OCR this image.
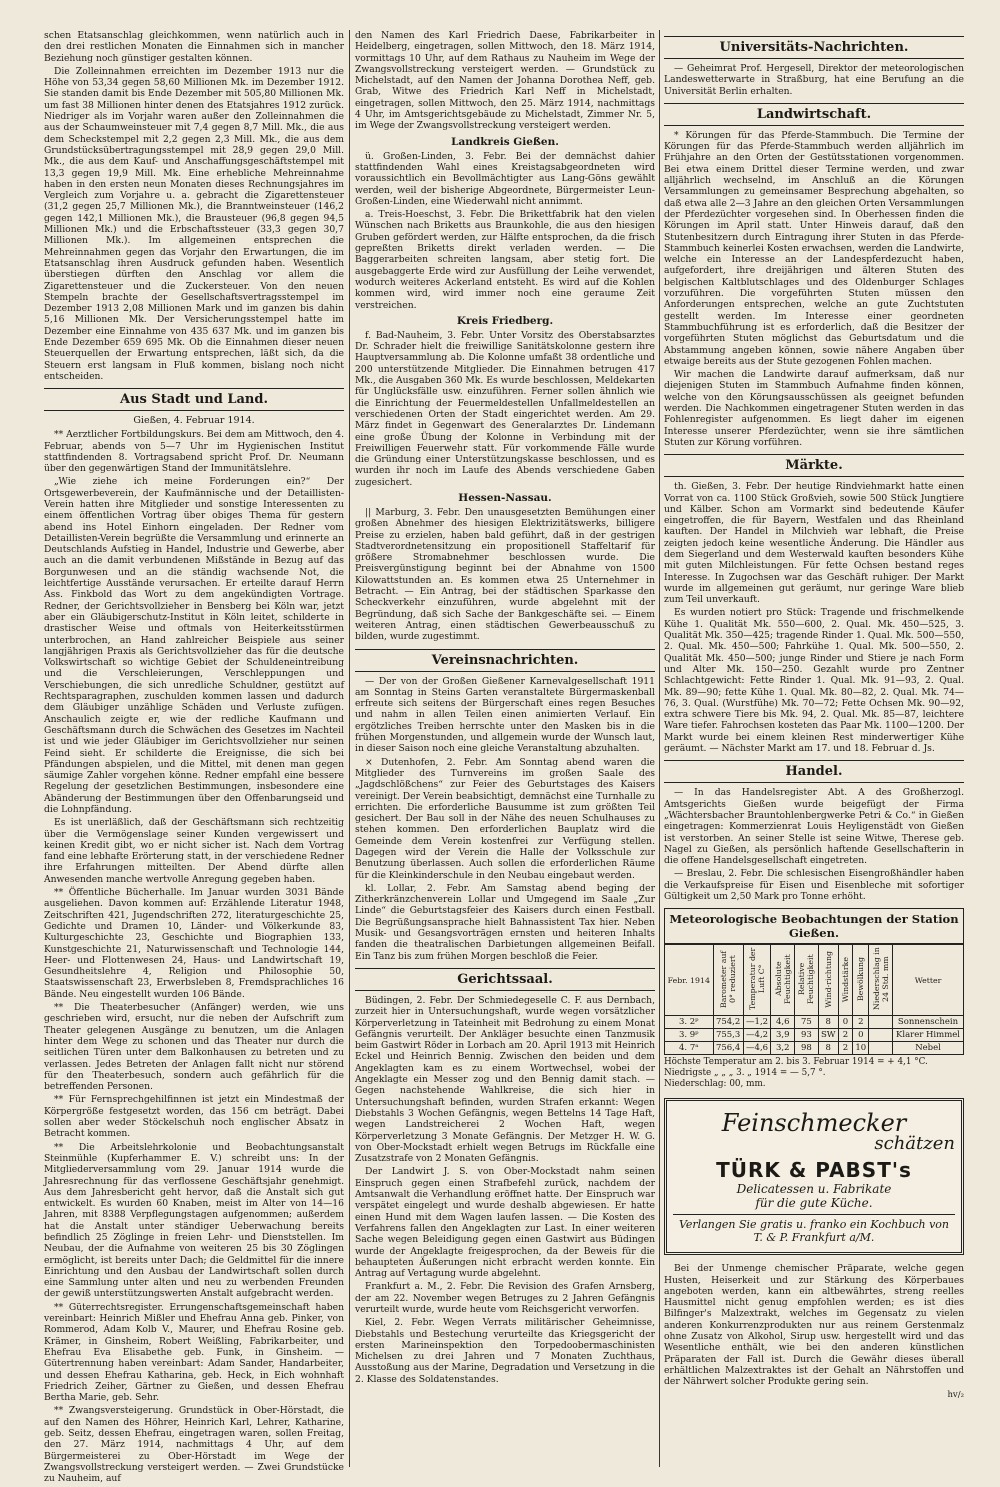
schen Etatsanschlag gleichkommen, wenn natürlich auch in den drei restlichen Monaten die Einnahmen sich in mancher Beziehung noch günstiger gestalten können.

Die Zolleinnahmen erreichten im Dezember 1913 nur die Höhe von 53,34 gegen 58,60 Millionen Mk. im Dezember 1912. Sie standen damit bis Ende Dezember mit 505,80 Millionen Mk. um fast 38 Millionen hinter denen des Etatsjahres 1912 zurück. Niedriger als im Vorjahr waren außer den Zolleinnahmen die aus der Schaumweinsteuer mit 7,4 gegen 8,7 Mill. Mk., die aus dem Scheckstempel mit 2,2 gegen 2,3 Mill. Mk., die aus dem Grundstücksübertragungsstempel mit 28,9 gegen 29,0 Mill. Mk., die aus dem Kauf- und Anschaffungsgeschäftstempel mit 13,3 gegen 19,9 Mill. Mk. Eine erhebliche Mehreinnahme haben in den ersten neun Monaten dieses Rechnungsjahres im Vergleich zum Vorjahre u. a. gebracht die Zigarettensteuer (31,2 gegen 25,7 Millionen Mk.), die Branntweinsteuer (146,2 gegen 142,1 Millionen Mk.), die Brausteuer (96,8 gegen 94,5 Millionen Mk.) und die Erbschaftssteuer (33,3 gegen 30,7 Millionen Mk.). Im allgemeinen entsprechen die Mehreinnahmen gegen das Vorjahr den Erwartungen, die im Etatsanschlag ihren Ausdruck gefunden haben. Wesentlich überstiegen dürften den Anschlag vor allem die Zigarettensteuer und die Zuckersteuer. Von den neuen Stempeln brachte der Gesellschaftsvertragsstempel im Dezember 1913 2,08 Millionen Mark und im ganzen bis dahin 5,16 Millionen Mk. Der Versicherungsstempel hatte im Dezember eine Einnahme von 435 637 Mk. und im ganzen bis Ende Dezember 659 695 Mk. Ob die Einnahmen dieser neuen Steuerquellen der Erwartung entsprechen, läßt sich, da die Steuern erst langsam in Fluß kommen, bislang noch nicht entscheiden.

Aus Stadt und Land.
Gießen, 4. Februar 1914.

** Aerztlicher Fortbildungskurs. Bei dem am Mittwoch, den 4. Februar, abends von 5—7 Uhr im Hygienischen Institut stattfindenden 8. Vortragsabend spricht Prof. Dr. Neumann über den gegenwärtigen Stand der Immunitätslehre.

„Wie ziehe ich meine Forderungen ein?“ Der Ortsgewerbeverein, der Kaufmännische und der Detaillisten-Verein hatten ihre Mitglieder und sonstige Interessenten zu einem öffentlichen Vortrag über obiges Thema für gestern abend ins Hotel Einhorn eingeladen. Der Redner vom Detaillisten-Verein begrüßte die Versammlung und erinnerte an Deutschlands Aufstieg in Handel, Industrie und Gewerbe, aber auch an die damit verbundenen Mißstände in Bezug auf das Borgunwesen und an die ständig wachsende Not, die leichtfertige Ausstände verursachen. Er erteilte darauf Herrn Ass. Finkbold das Wort zu dem angekündigten Vortrage. Redner, der Gerichtsvollzieher in Bensberg bei Köln war, jetzt aber ein Gläubigerschutz-Institut in Köln leitet, schilderte in drastischer Weise und oftmals von Heiterkeitsstürmen unterbrochen, an Hand zahlreicher Beispiele aus seiner langjährigen Praxis als Gerichtsvollzieher das für die deutsche Volkswirtschaft so wichtige Gebiet der Schuldeneintreibung und die Verschleierungen, Verschleppungen und Verschiebungen, die sich unredliche Schuldner, gestützt auf Rechtsparagraphen, zuschulden kommen lassen und dadurch dem Gläubiger unzählige Schäden und Verluste zufügen. Anschaulich zeigte er, wie der redliche Kaufmann und Geschäftsmann durch die Schwächen des Gesetzes im Nachteil ist und wie jeder Gläubiger im Gerichtsvollzieher nur seinen Feind sieht. Er schilderte die Ereignisse, die sich bei Pfändungen abspielen, und die Mittel, mit denen man gegen säumige Zahler vorgehen könne. Redner empfahl eine bessere Regelung der gesetzlichen Bestimmungen, insbesondere eine Abänderung der Bestimmungen über den Offenbarungseid und die Lohnpfändung.

Es ist unerläßlich, daß der Geschäftsmann sich rechtzeitig über die Vermögenslage seiner Kunden vergewissert und keinen Kredit gibt, wo er nicht sicher ist. Nach dem Vortrag fand eine lebhafte Erörterung statt, in der verschiedene Redner ihre Erfahrungen mitteilten. Der Abend dürfte allen Anwesenden manche wertvolle Anregung gegeben haben.

** Öffentliche Bücherhalle. Im Januar wurden 3031 Bände ausgeliehen. Davon kommen auf: Erzählende Literatur 1948, Zeitschriften 421, Jugendschriften 272, literaturgeschichte 25, Gedichte und Dramen 10, Länder- und Völkerkunde 83, Kulturgeschichte 23, Geschichte und Biographien 133, Kunstgeschichte 21, Naturwissenschaft und Technologie 144, Heer- und Flottenwesen 24, Haus- und Landwirtschaft 19, Gesundheitslehre 4, Religion und Philosophie 50, Staatswissenschaft 23, Erwerbsleben 8, Fremdsprachliches 16 Bände. Neu eingestellt wurden 106 Bände.

** Die Theaterbesucher (Anfänger) werden, wie uns geschrieben wird, ersucht, nur die neben der Aufschrift zum Theater gelegenen Ausgänge zu benutzen, um die Anlagen hinter dem Wege zu schonen und das Theater nur durch die seitlichen Türen unter dem Balkonhausen zu betreten und zu verlassen. Jedes Betreten der Anlagen fallt nicht nur störend für den Theaterbesuch, sondern auch gefährlich für die betreffenden Personen.

** Für Fernsprechgehilfinnen ist jetzt ein Mindestmaß der Körpergröße festgesetzt worden, das 156 cm beträgt. Dabei sollen aber weder Stöckelschuh noch englischer Absatz in Betracht kommen.

** Die Arbeitslehrkolonie und Beobachtungsanstalt Steinmühle (Kupferhammer E. V.) schreibt uns: In der Mitgliederversammlung vom 29. Januar 1914 wurde die Jahresrechnung für das verflossene Geschäftsjahr genehmigt. Aus dem Jahresbericht geht hervor, daß die Anstalt sich gut entwickelt. Es wurden 60 Knaben, meist im Alter von 14—16 Jahren, mit 8388 Verpflegungstagen aufgenommen; außerdem hat die Anstalt unter ständiger Ueberwachung bereits befindlich 25 Zöglinge in freien Lehr- und Dienststellen. Im Neubau, der die Aufnahme von weiteren 25 bis 30 Zöglingen ermöglicht, ist bereits unter Dach; die Geldmittel für die innere Einrichtung und den Ausbau der Landwirtschaft sollen durch eine Sammlung unter alten und neu zu werbenden Freunden der gewiß unterstützungswerten Anstalt aufgebracht werden.

** Güterrechtsregister. Errungenschaftsgemeinschaft haben vereinbart: Heinrich Mißler und Ehefrau Anna geb. Pinker, von Rommerod, Adam Kolb V., Maurer, und Ehefrau Rosine geb. Krämer, in Ginsheim, Robert Weißling, Fabrikarbeiter, und Ehefrau Eva Elisabethe geb. Funk, in Ginsheim. — Gütertrennung haben vereinbart: Adam Sander, Handarbeiter, und dessen Ehefrau Katharina, geb. Heck, in Eich wohnhaft Friedrich Zeiher, Gärtner zu Gießen, und dessen Ehefrau Bertha Marie, geb. Sehr.

** Zwangsversteigerung. Grundstück in Ober-Hörstadt, die auf den Namen des Höhrer, Heinrich Karl, Lehrer, Katharine, geb. Seitz, dessen Ehefrau, eingetragen waren, sollen Freitag, den 27. März 1914, nachmittags 4 Uhr, auf dem Bürgermeisterei zu Ober-Hörstadt im Wege der Zwangsvollstreckung versteigert werden. — Zwei Grundstücke zu Nauheim, auf

den Namen des Karl Friedrich Daese, Fabrikarbeiter in Heidelberg, eingetragen, sollen Mittwoch, den 18. März 1914, vormittags 10 Uhr, auf dem Rathaus zu Nauheim im Wege der Zwangsvollstreckung versteigert werden. — Grundstück zu Michelstadt, auf den Namen der Johanna Dorothea Neff, geb. Grab, Witwe des Friedrich Karl Neff in Michelstadt, eingetragen, sollen Mittwoch, den 25. März 1914, nachmittags 4 Uhr, im Amtsgerichtsgebäude zu Michelstadt, Zimmer Nr. 5, im Wege der Zwangsvollstreckung versteigert werden.

Landkreis Gießen.

ü. Großen-Linden, 3. Febr. Bei der demnächst dahier stattfindenden Wahl eines Kreistagsabgeordneten wird voraussichtlich ein Bevollmächtigter aus Lang-Göns gewählt werden, weil der bisherige Abgeordnete, Bürgermeister Leun-Großen-Linden, eine Wiederwahl nicht annimmt.

a. Treis-Hoeschst, 3. Febr. Die Brikettfabrik hat den vielen Wünschen nach Briketts aus Braunkohle, die aus den hiesigen Gruben gefördert werden, zur Hälfte entsprochen, da die frisch gepreßten Briketts direkt verladen werden. — Die Baggerarbeiten schreiten langsam, aber stetig fort. Die ausgebaggerte Erde wird zur Ausfüllung der Leihe verwendet, wodurch weiteres Ackerland entsteht. Es wird auf die Kohlen kommen wird, wird immer noch eine geraume Zeit verstreichen.

Kreis Friedberg.

f. Bad-Nauheim, 3. Febr. Unter Vorsitz des Oberstabsarztes Dr. Schrader hielt die freiwillige Sanitätskolonne gestern ihre Hauptversammlung ab. Die Kolonne umfaßt 38 ordentliche und 200 unterstützende Mitglieder. Die Einnahmen betrugen 417 Mk., die Ausgaben 360 Mk. Es wurde beschlossen, Meldekarten für Unglücksfälle usw. einzuführen. Ferner sollen ähnlich wie die Einrichtung der Feuermeldestellen Unfallmeldestellen an verschiedenen Orten der Stadt eingerichtet werden. Am 29. März findet in Gegenwart des Generalarztes Dr. Lindemann eine große Übung der Kolonne in Verbindung mit der Freiwilligen Feuerwehr statt. Für vorkommende Fälle wurde die Gründung einer Unterstützungskasse beschlossen, und es wurden ihr noch im Laufe des Abends verschiedene Gaben zugesichert.

Hessen-Nassau.

|| Marburg, 3. Febr. Den unausgesetzten Bemühungen einer großen Abnehmer des hiesigen Elektrizitätswerks, billigere Preise zu erzielen, haben bald geführt, daß in der gestrigen Stadtverordnetensitzung ein propositionell Staffeltarif für größere Stromabnehmer beschlossen wurde. Die Preisvergünstigung beginnt bei der Abnahme von 1500 Kilowattstunden an. Es kommen etwa 25 Unternehmer in Betracht. — Ein Antrag, bei der städtischen Sparkasse den Scheckverkehr einzuführen, wurde abgelehnt mit der Begründung, daß sich Sache der Bankgeschäfte sei. — Einem weiteren Antrag, einen städtischen Gewerbeausschuß zu bilden, wurde zugestimmt.

Vereinsnachrichten.

— Der von der Großen Gießener Karnevalgesellschaft 1911 am Sonntag in Steins Garten veranstaltete Bürgermaskenball erfreute sich seitens der Bürgerschaft eines regen Besuches und nahm in allen Teilen einen animierten Verlauf. Ein ergötzliches Treiben herrschte unter den Masken bis in die frühen Morgenstunden, und allgemein wurde der Wunsch laut, in dieser Saison noch eine gleiche Veranstaltung abzuhalten.

× Dutenhofen, 2. Febr. Am Sonntag abend waren die Mitglieder des Turnvereins im großen Saale des „Jagdschlößchens“ zur Feier des Geburtstages des Kaisers vereinigt. Der Verein beabsichtigt, demnächst eine Turnhalle zu errichten. Die erforderliche Bausumme ist zum größten Teil gesichert. Der Bau soll in der Nähe des neuen Schulhauses zu stehen kommen. Den erforderlichen Bauplatz wird die Gemeinde dem Verein kostenfrei zur Verfügung stellen. Dagegen wird der Verein die Halle der Volksschule zur Benutzung überlassen. Auch sollen die erforderlichen Räume für die Kleinkinderschule in den Neubau eingebaut werden.

kl. Lollar, 2. Febr. Am Samstag abend beging der Zitherkränzchenverein Lollar und Umgegend im Saale „Zur Linde“ die Geburtstagsfeier des Kaisers durch einen Festball. Die Begrüßungsansprache hielt Bahnassistent Tax hier. Neben Musik- und Gesangsvorträgen ernsten und heiteren Inhalts fanden die theatralischen Darbietungen allgemeinen Beifall. Ein Tanz bis zum frühen Morgen beschloß die Feier.

Gerichtssaal.

Büdingen, 2. Febr. Der Schmiedegeselle C. F. aus Dernbach, zurzeit hier in Untersuchungshaft, wurde wegen vorsätzlicher Körperverletzung in Tateinheit mit Bedrohung zu einem Monat Gefängnis verurteilt. Der Ankläger besuchte einen Tanzmusik beim Gastwirt Röder in Lorbach am 20. April 1913 mit Heinrich Eckel und Heinrich Bennig. Zwischen den beiden und dem Angeklagten kam es zu einem Wortwechsel, wobei der Angeklagte ein Messer zog und den Bennig damit stach. — Gegen nachstehende Wahlkreise, die sich hier in Untersuchungshaft befinden, wurden Strafen erkannt: Wegen Diebstahls 3 Wochen Gefängnis, wegen Bettelns 14 Tage Haft, wegen Landstreicherei 2 Wochen Haft, wegen Körperverletzung 3 Monate Gefängnis. Der Metzger H. W. G. von Ober-Mockstadt erhielt wegen Betrugs im Rückfalle eine Zusatzstrafe von 2 Monaten Gefängnis.

Der Landwirt J. S. von Ober-Mockstadt nahm seinen Einspruch gegen einen Strafbefehl zurück, nachdem der Amtsanwalt die Verhandlung eröffnet hatte. Der Einspruch war verspätet eingelegt und wurde deshalb abgewiesen. Er hatte einen Hund mit dem Wagen laufen lassen. — Die Kosten des Verfahrens fallen den Angeklagten zur Last. In einer weiteren Sache wegen Beleidigung gegen einen Gastwirt aus Büdingen wurde der Angeklagte freigesprochen, da der Beweis für die behaupteten Äußerungen nicht erbracht werden konnte. Ein Antrag auf Vertagung wurde abgelehnt.

Frankfurt a. M., 2. Febr. Die Revision des Grafen Arnsberg, der am 22. November wegen Betruges zu 2 Jahren Gefängnis verurteilt wurde, wurde heute vom Reichsgericht verworfen.

Kiel, 2. Febr. Wegen Verrats militärischer Geheimnisse, Diebstahls und Bestechung verurteilte das Kriegsgericht der ersten Marineinspektion den Torpedoobermaschinisten Michelsen zu drei Jahren und 7 Monaten Zuchthaus, Ausstoßung aus der Marine, Degradation und Versetzung in die 2. Klasse des Soldatenstandes.

Universitäts-Nachrichten.

— Geheimrat Prof. Hergesell, Direktor der meteorologischen Landeswetterwarte in Straßburg, hat eine Berufung an die Universität Berlin erhalten.

Landwirtschaft.

* Körungen für das Pferde-Stammbuch. Die Termine der Körungen für das Pferde-Stammbuch werden alljährlich im Frühjahre an den Orten der Gestütsstationen vorgenommen. Bei etwa einem Drittel dieser Termine werden, und zwar alljährlich wechselnd, im Anschluß an die Körungen Versammlungen zu gemeinsamer Besprechung abgehalten, so daß etwa alle 2—3 Jahre an den gleichen Orten Versammlungen der Pferdezüchter vorgesehen sind. In Oberhessen finden die Körungen im April statt. Unter Hinweis darauf, daß den Stutenbesitzern durch Eintragung ihrer Stuten in das Pferde-Stammbuch keinerlei Kosten erwachsen, werden die Landwirte, welche ein Interesse an der Landespferdezucht haben, aufgefordert, ihre dreijährigen und älteren Stuten des belgischen Kaltblutschlages und des Oldenburger Schlages vorzuführen. Die vorgeführten Stuten müssen den Anforderungen entsprechen, welche an gute Zuchtstuten gestellt werden. Im Interesse einer geordneten Stammbuchführung ist es erforderlich, daß die Besitzer der vorgeführten Stuten möglichst das Geburtsdatum und die Abstammung angeben können, sowie nähere Angaben über etwaige bereits aus der Stute gezogenen Fohlen machen.

Wir machen die Landwirte darauf aufmerksam, daß nur diejenigen Stuten im Stammbuch Aufnahme finden können, welche von den Körungsausschüssen als geeignet befunden werden. Die Nachkommen eingetragener Stuten werden in das Fohlenregister aufgenommen. Es liegt daher im eigenen Interesse unserer Pferdezüchter, wenn sie ihre sämtlichen Stuten zur Körung vorführen.

Märkte.

th. Gießen, 3. Febr. Der heutige Rindviehmarkt hatte einen Vorrat von ca. 1100 Stück Großvieh, sowie 500 Stück Jungtiere und Kälber. Schon am Vormarkt sind bedeutende Käufer eingetroffen, die für Bayern, Westfalen und das Rheinland kauften. Der Handel in Milchvieh war lebhaft, die Preise zeigten jedoch keine wesentliche Änderung. Die Händler aus dem Siegerland und dem Westerwald kauften besonders Kühe mit guten Milchleistungen. Für fette Ochsen bestand reges Interesse. In Zugochsen war das Geschäft ruhiger. Der Markt wurde im allgemeinen gut geräumt, nur geringe Ware blieb zum Teil unverkauft.

Es wurden notiert pro Stück: Tragende und frischmelkende Kühe 1. Qualität Mk. 550—600, 2. Qual. Mk. 450—525, 3. Qualität Mk. 350—425; tragende Rinder 1. Qual. Mk. 500—550, 2. Qual. Mk. 450—500; Fahrkühe 1. Qual. Mk. 500—550, 2. Qualität Mk. 450—500; junge Rinder und Stiere je nach Form und Alter Mk. 150—250. Gezahlt wurde pro Zentner Schlachtgewicht: Fette Rinder 1. Qual. Mk. 91—93, 2. Qual. Mk. 89—90; fette Kühe 1. Qual. Mk. 80—82, 2. Qual. Mk. 74—76, 3. Qual. (Wurstfühe) Mk. 70—72; Fette Ochsen Mk. 90—92, extra schwere Tiere bis Mk. 94, 2. Qual. Mk. 85—87, leichtere Ware tiefer. Fahrochsen kosteten das Paar Mk. 1100—1200. Der Markt wurde bei einem kleinen Rest minderwertiger Kühe geräumt. — Nächster Markt am 17. und 18. Februar d. Js.

Handel.

— In das Handelsregister Abt. A des Großherzogl. Amtsgerichts Gießen wurde beigefügt der Firma „Wächtersbacher Brauntohlenbergwerke Petri & Co.“ in Gießen eingetragen: Kommerzienrat Louis Heyligenstädt von Gießen ist verstorben. An seiner Stelle ist seine Witwe, Therese geb. Nagel zu Gießen, als persönlich haftende Gesellschafterin in die offene Handelsgesellschaft eingetreten.

— Breslau, 2. Febr. Die schlesischen Eisengroßhändler haben die Verkaufspreise für Eisen und Eisenbleche mit sofortiger Gültigkeit um 2,50 Mark pro Tonne erhöht.

Meteorologische Beobachtungen der Station Gießen.
Febr. 1914	Barometer auf 0° reduziert	Temperatur der Luft C°	Absolute Feuchtigkeit	Relative Feuchtigkeit	Wind-richtung	Windstärke	Bewölkung	Niederschlag in 24 Std. mm	Wetter
3. 2ᵖ	754,2	—1,2	4,6	75	8	0	2		Sonnenschein
3. 9ᵖ	755,3	—4,2	3,9	93	SW	2	0		Klarer Himmel
4. 7ᵃ	756,4	—4,6	3,2	98	8	2	10		Nebel
Höchste Temperatur am 2. bis 3. Februar 1914 = + 4,1 °C.
Niedrigste „ „ „ 3. „ 1914 = — 5,7 °.
Niederschlag: 00, mm.
Feinschmecker
schätzen
TÜRK & PABST's
Delicatessen u. Fabrikate
für die gute Küche.
Verlangen Sie gratis u. franko ein Kochbuch von T. & P. Frankfurt a/M.

Bei der Unmenge chemischer Präparate, welche gegen Husten, Heiserkeit und zur Stärkung des Körperbaues angeboten werden, kann ein altbewährtes, streng reelles Hausmittel nicht genug empfohlen werden; es ist dies Bilfinger's Malzextrakt, welches im Gegensatz zu vielen anderen Konkurrenzprodukten nur aus reinem Gerstenmalz ohne Zusatz von Alkohol, Sirup usw. hergestellt wird und das Wesentliche enthält, wie bei den anderen künstlichen Präparaten der Fall ist. Durch die Gewähr dieses überall erhältlichen Malzextraktes ist der Gehalt an Nährstoffen und der Nährwert solcher Produkte gering sein.

hv/₂
